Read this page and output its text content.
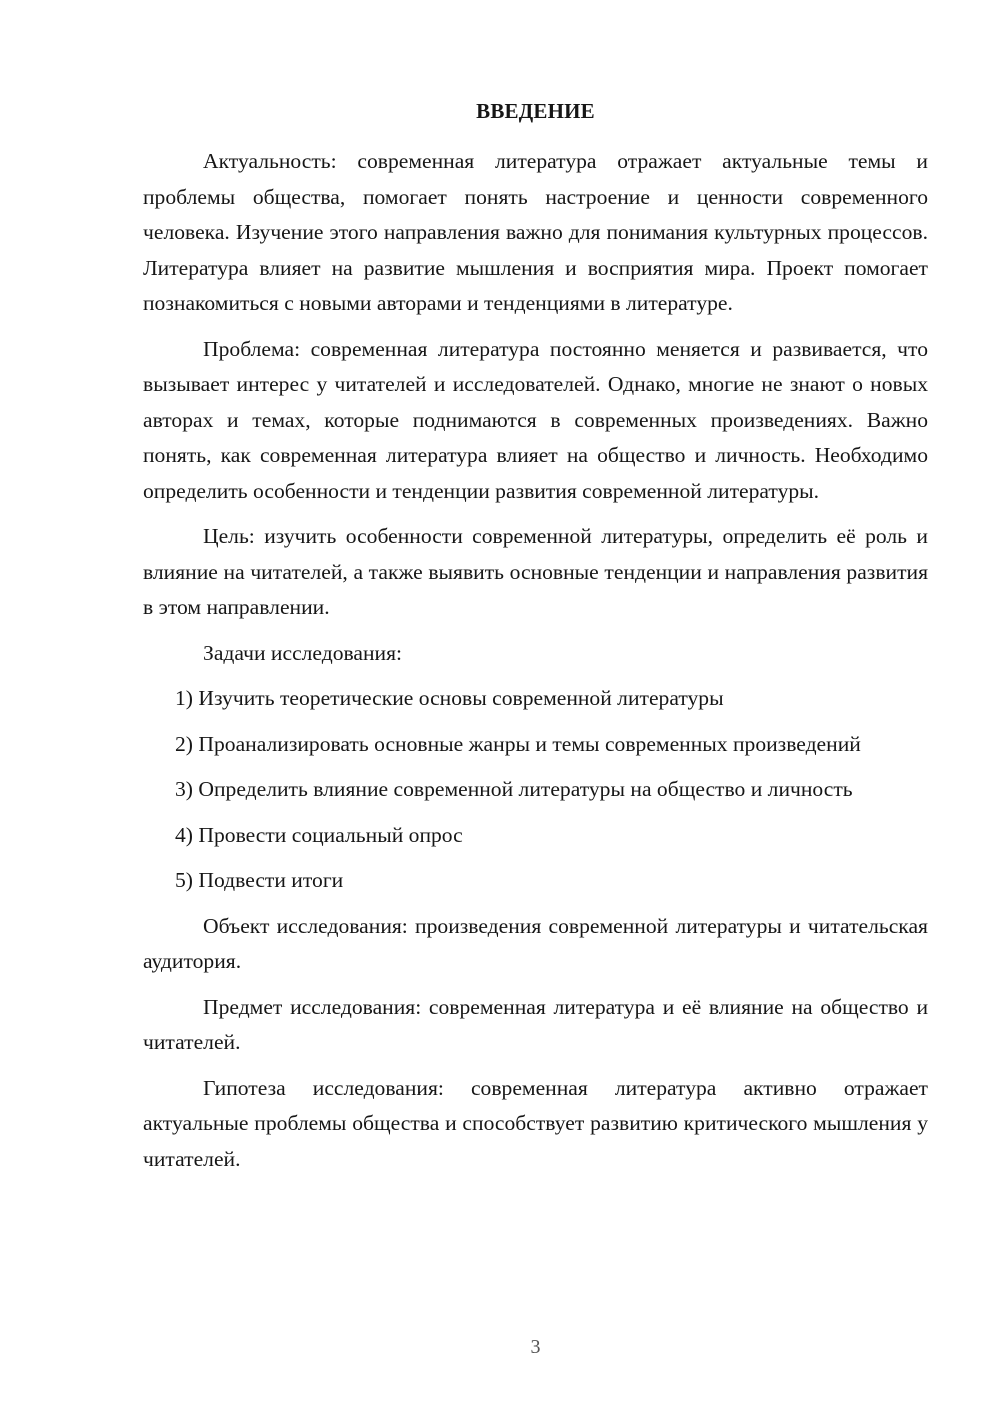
ВВЕДЕНИЕ

Актуальность: современная литература отражает актуальные темы и проблемы общества, помогает понять настроение и ценности современного человека. Изучение этого направления важно для понимания культурных процессов. Литература влияет на развитие мышления и восприятия мира. Проект помогает познакомиться с новыми авторами и тенденциями в литературе.

Проблема: современная литература постоянно меняется и развивается, что вызывает интерес у читателей и исследователей. Однако, многие не знают о новых авторах и темах, которые поднимаются в современных произведениях. Важно понять, как современная литература влияет на общество и личность. Необходимо определить особенности и тенденции развития современной литературы.

Цель: изучить особенности современной литературы, определить её роль и влияние на читателей, а также выявить основные тенденции и направления развития в этом направлении.

Задачи исследования:

1) Изучить теоретические основы современной литературы

2) Проанализировать основные жанры и темы современных произведений

3) Определить влияние современной литературы на общество и личность

4) Провести социальный опрос

5) Подвести итоги

Объект исследования: произведения современной литературы и читательская аудитория.

Предмет исследования: современная литература и её влияние на общество и читателей.

Гипотеза исследования: современная литература активно отражает актуальные проблемы общества и способствует развитию критического мышления у читателей.

3
